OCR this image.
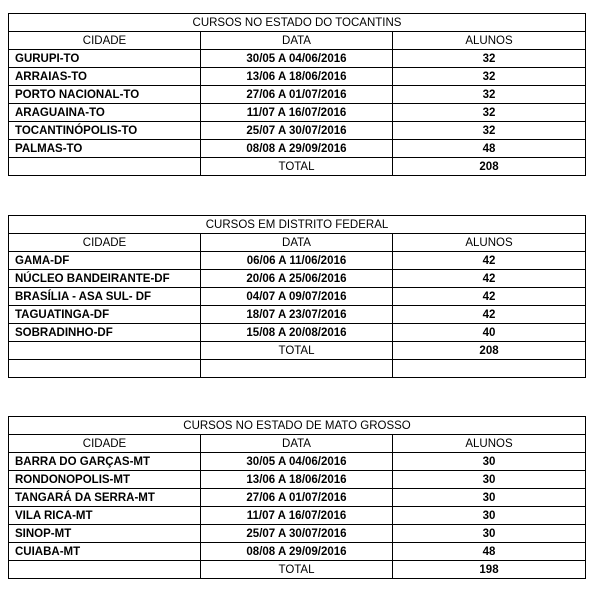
CURSOS NO ESTADO DO TOCANTINS		
CIDADE	DATA	ALUNOS
GURUPI-TO	30/05 A 04/06/2016	32
ARRAIAS-TO	13/06 A 18/06/2016	32
PORTO NACIONAL-TO	27/06 A 01/07/2016	32
ARAGUAINA-TO	11/07 A 16/07/2016	32
TOCANTINÓPOLIS-TO	25/07 A 30/07/2016	32
PALMAS-TO	08/08 A 29/09/2016	48
	TOTAL	208
CURSOS EM DISTRITO FEDERAL		
CIDADE	DATA	ALUNOS
GAMA-DF	06/06 A 11/06/2016	42
NÚCLEO BANDEIRANTE-DF	20/06 A 25/06/2016	42
BRASÍLIA - ASA SUL- DF	04/07 A 09/07/2016	42
TAGUATINGA-DF	18/07 A 23/07/2016	42
SOBRADINHO-DF	15/08 A 20/08/2016	40
	TOTAL	208

CURSOS NO ESTADO DE MATO GROSSO		
CIDADE	DATA	ALUNOS
BARRA DO GARÇAS-MT	30/05 A 04/06/2016	30
RONDONOPOLIS-MT	13/06 A 18/06/2016	30
TANGARÁ DA SERRA-MT	27/06 A 01/07/2016	30
VILA RICA-MT	11/07 A 16/07/2016	30
SINOP-MT	25/07 A 30/07/2016	30
CUIABA-MT	08/08 A 29/09/2016	48
	TOTAL	198
